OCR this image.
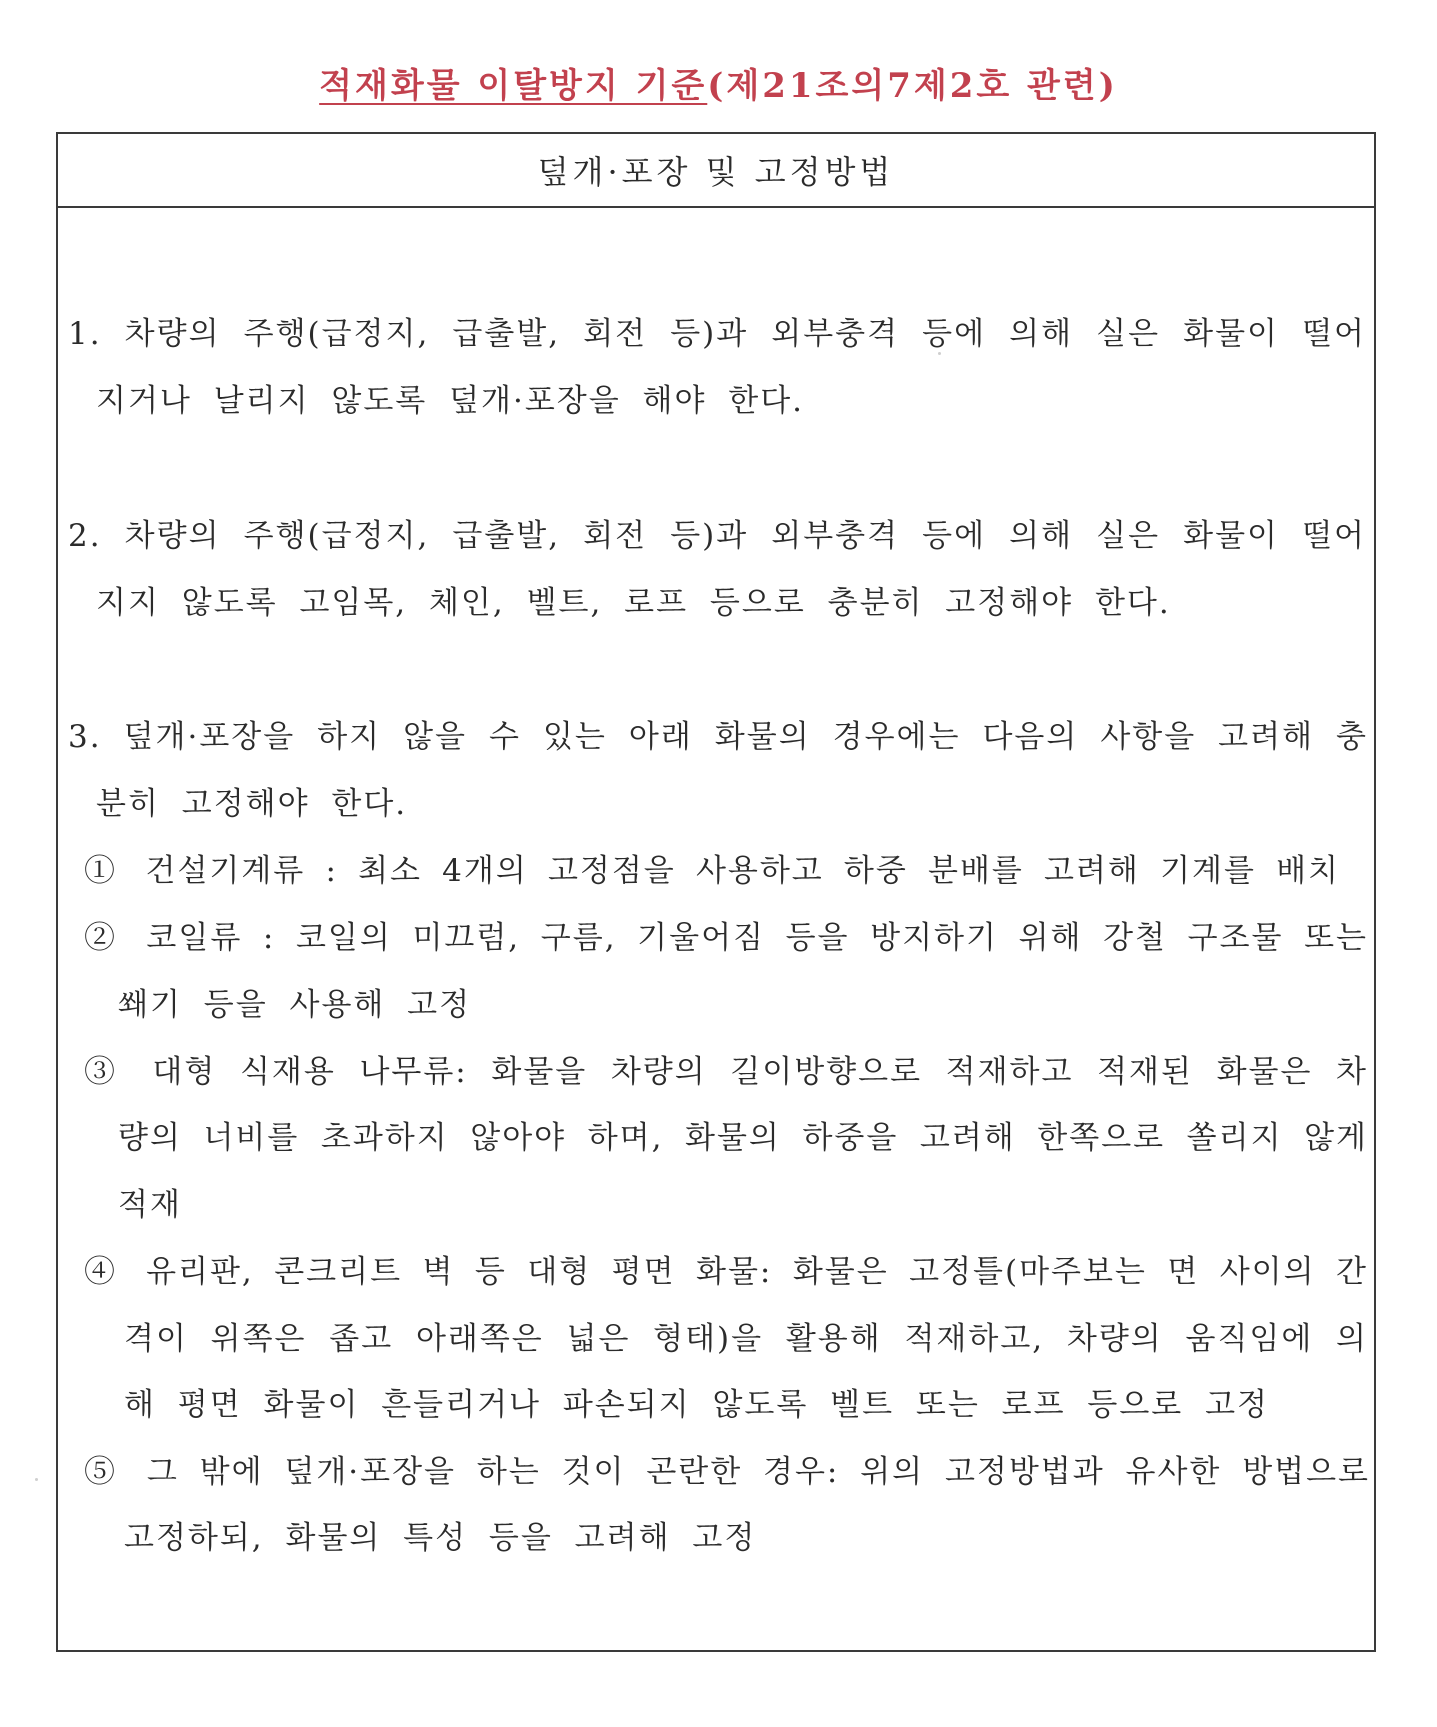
적재화물 이탈방지 기준(제21조의7제2호 관련)
덮개·포장 및 고정방법
1. 차량의 주행(급정지, 급출발, 회전 등)과 외부충격 등에 의해 실은 화물이 떨어
지거나 날리지 않도록 덮개·포장을 해야 한다.
2. 차량의 주행(급정지, 급출발, 회전 등)과 외부충격 등에 의해 실은 화물이 떨어
지지 않도록 고임목, 체인, 벨트, 로프 등으로 충분히 고정해야 한다.
3. 덮개·포장을 하지 않을 수 있는 아래 화물의 경우에는 다음의 사항을 고려해 충
분히 고정해야 한다.
① 건설기계류 : 최소 4개의 고정점을 사용하고 하중 분배를 고려해 기계를 배치
② 코일류 : 코일의 미끄럼, 구름, 기울어짐 등을 방지하기 위해 강철 구조물 또는
쐐기 등을 사용해 고정
③ 대형 식재용 나무류: 화물을 차량의 길이방향으로 적재하고 적재된 화물은 차
량의 너비를 초과하지 않아야 하며, 화물의 하중을 고려해 한쪽으로 쏠리지 않게
적재
④ 유리판, 콘크리트 벽 등 대형 평면 화물: 화물은 고정틀(마주보는 면 사이의 간
격이 위쪽은 좁고 아래쪽은 넓은 형태)을 활용해 적재하고, 차량의 움직임에 의
해 평면 화물이 흔들리거나 파손되지 않도록 벨트 또는 로프 등으로 고정
⑤ 그 밖에 덮개·포장을 하는 것이 곤란한 경우: 위의 고정방법과 유사한 방법으로
고정하되, 화물의 특성 등을 고려해 고정
